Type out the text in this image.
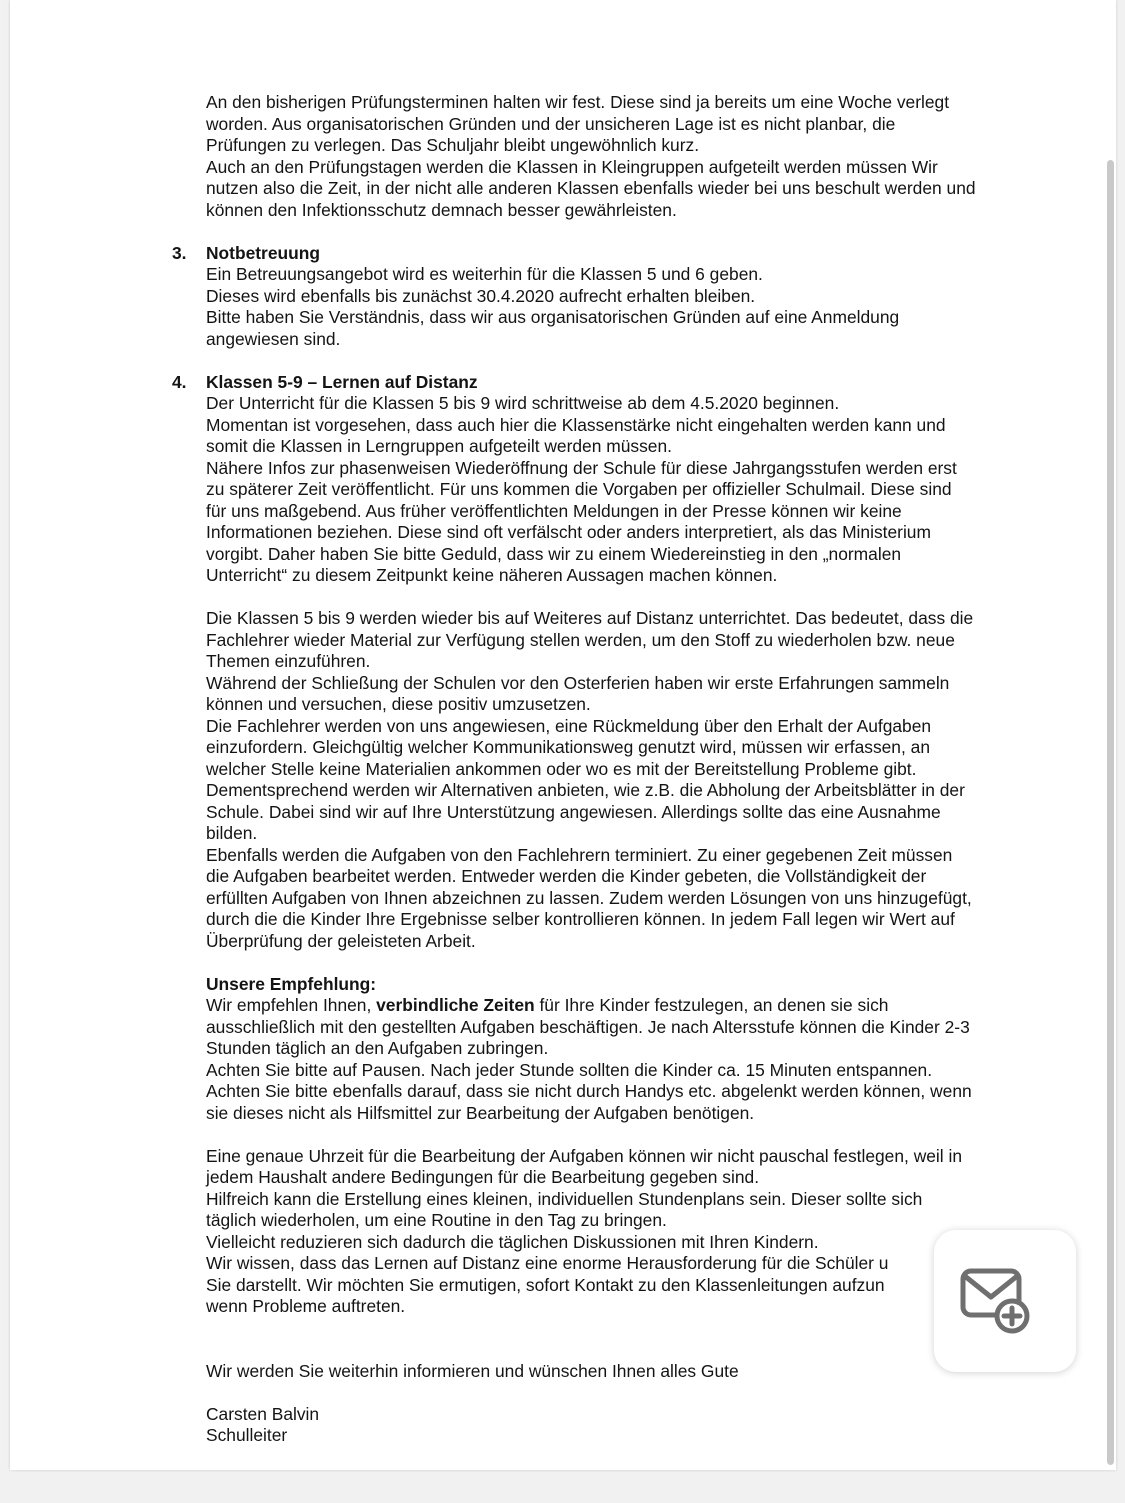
An den bisherigen Prüfungsterminen halten wir fest. Diese sind ja bereits um eine Woche verlegt

worden. Aus organisatorischen Gründen und der unsicheren Lage ist es nicht planbar, die

Prüfungen zu verlegen. Das Schuljahr bleibt ungewöhnlich kurz.

Auch an den Prüfungstagen werden die Klassen in Kleingruppen aufgeteilt werden müssen Wir

nutzen also die Zeit, in der nicht alle anderen Klassen ebenfalls wieder bei uns beschult werden und

können den Infektionsschutz demnach besser gewährleisten.

3. Notbetreuung

Ein Betreuungsangebot wird es weiterhin für die Klassen 5 und 6 geben.

Dieses wird ebenfalls bis zunächst 30.4.2020 aufrecht erhalten bleiben.

Bitte haben Sie Verständnis, dass wir aus organisatorischen Gründen auf eine Anmeldung

angewiesen sind.

4. Klassen 5-9 – Lernen auf Distanz

Der Unterricht für die Klassen 5 bis 9 wird schrittweise ab dem 4.5.2020 beginnen.

Momentan ist vorgesehen, dass auch hier die Klassenstärke nicht eingehalten werden kann und

somit die Klassen in Lerngruppen aufgeteilt werden müssen.

Nähere Infos zur phasenweisen Wiederöffnung der Schule für diese Jahrgangsstufen werden erst

zu späterer Zeit veröffentlicht. Für uns kommen die Vorgaben per offizieller Schulmail. Diese sind

für uns maßgebend. Aus früher veröffentlichten Meldungen in der Presse können wir keine

Informationen beziehen. Diese sind oft verfälscht oder anders interpretiert, als das Ministerium

vorgibt. Daher haben Sie bitte Geduld, dass wir zu einem Wiedereinstieg in den „normalen

Unterricht“ zu diesem Zeitpunkt keine näheren Aussagen machen können.

Die Klassen 5 bis 9 werden wieder bis auf Weiteres auf Distanz unterrichtet. Das bedeutet, dass die

Fachlehrer wieder Material zur Verfügung stellen werden, um den Stoff zu wiederholen bzw. neue

Themen einzuführen.

Während der Schließung der Schulen vor den Osterferien haben wir erste Erfahrungen sammeln

können und versuchen, diese positiv umzusetzen.

Die Fachlehrer werden von uns angewiesen, eine Rückmeldung über den Erhalt der Aufgaben

einzufordern. Gleichgültig welcher Kommunikationsweg genutzt wird, müssen wir erfassen, an

welcher Stelle keine Materialien ankommen oder wo es mit der Bereitstellung Probleme gibt.

Dementsprechend werden wir Alternativen anbieten, wie z.B. die Abholung der Arbeitsblätter in der

Schule. Dabei sind wir auf Ihre Unterstützung angewiesen. Allerdings sollte das eine Ausnahme

bilden.

Ebenfalls werden die Aufgaben von den Fachlehrern terminiert. Zu einer gegebenen Zeit müssen

die Aufgaben bearbeitet werden. Entweder werden die Kinder gebeten, die Vollständigkeit der

erfüllten Aufgaben von Ihnen abzeichnen zu lassen. Zudem werden Lösungen von uns hinzugefügt,

durch die die Kinder Ihre Ergebnisse selber kontrollieren können. In jedem Fall legen wir Wert auf

Überprüfung der geleisteten Arbeit.

Unsere Empfehlung:

Wir empfehlen Ihnen, verbindliche Zeiten für Ihre Kinder festzulegen, an denen sie sich

ausschließlich mit den gestellten Aufgaben beschäftigen. Je nach Altersstufe können die Kinder 2-3

Stunden täglich an den Aufgaben zubringen.

Achten Sie bitte auf Pausen. Nach jeder Stunde sollten die Kinder ca. 15 Minuten entspannen.

Achten Sie bitte ebenfalls darauf, dass sie nicht durch Handys etc. abgelenkt werden können, wenn

sie dieses nicht als Hilfsmittel zur Bearbeitung der Aufgaben benötigen.

Eine genaue Uhrzeit für die Bearbeitung der Aufgaben können wir nicht pauschal festlegen, weil in

jedem Haushalt andere Bedingungen für die Bearbeitung gegeben sind.

Hilfreich kann die Erstellung eines kleinen, individuellen Stundenplans sein. Dieser sollte sich

täglich wiederholen, um eine Routine in den Tag zu bringen.

Vielleicht reduzieren sich dadurch die täglichen Diskussionen mit Ihren Kindern.

Wir wissen, dass das Lernen auf Distanz eine enorme Herausforderung für die Schüler u

Sie darstellt. Wir möchten Sie ermutigen, sofort Kontakt zu den Klassenleitungen aufzun

wenn Probleme auftreten.

Wir werden Sie weiterhin informieren und wünschen Ihnen alles Gute

Carsten Balvin

Schulleiter
